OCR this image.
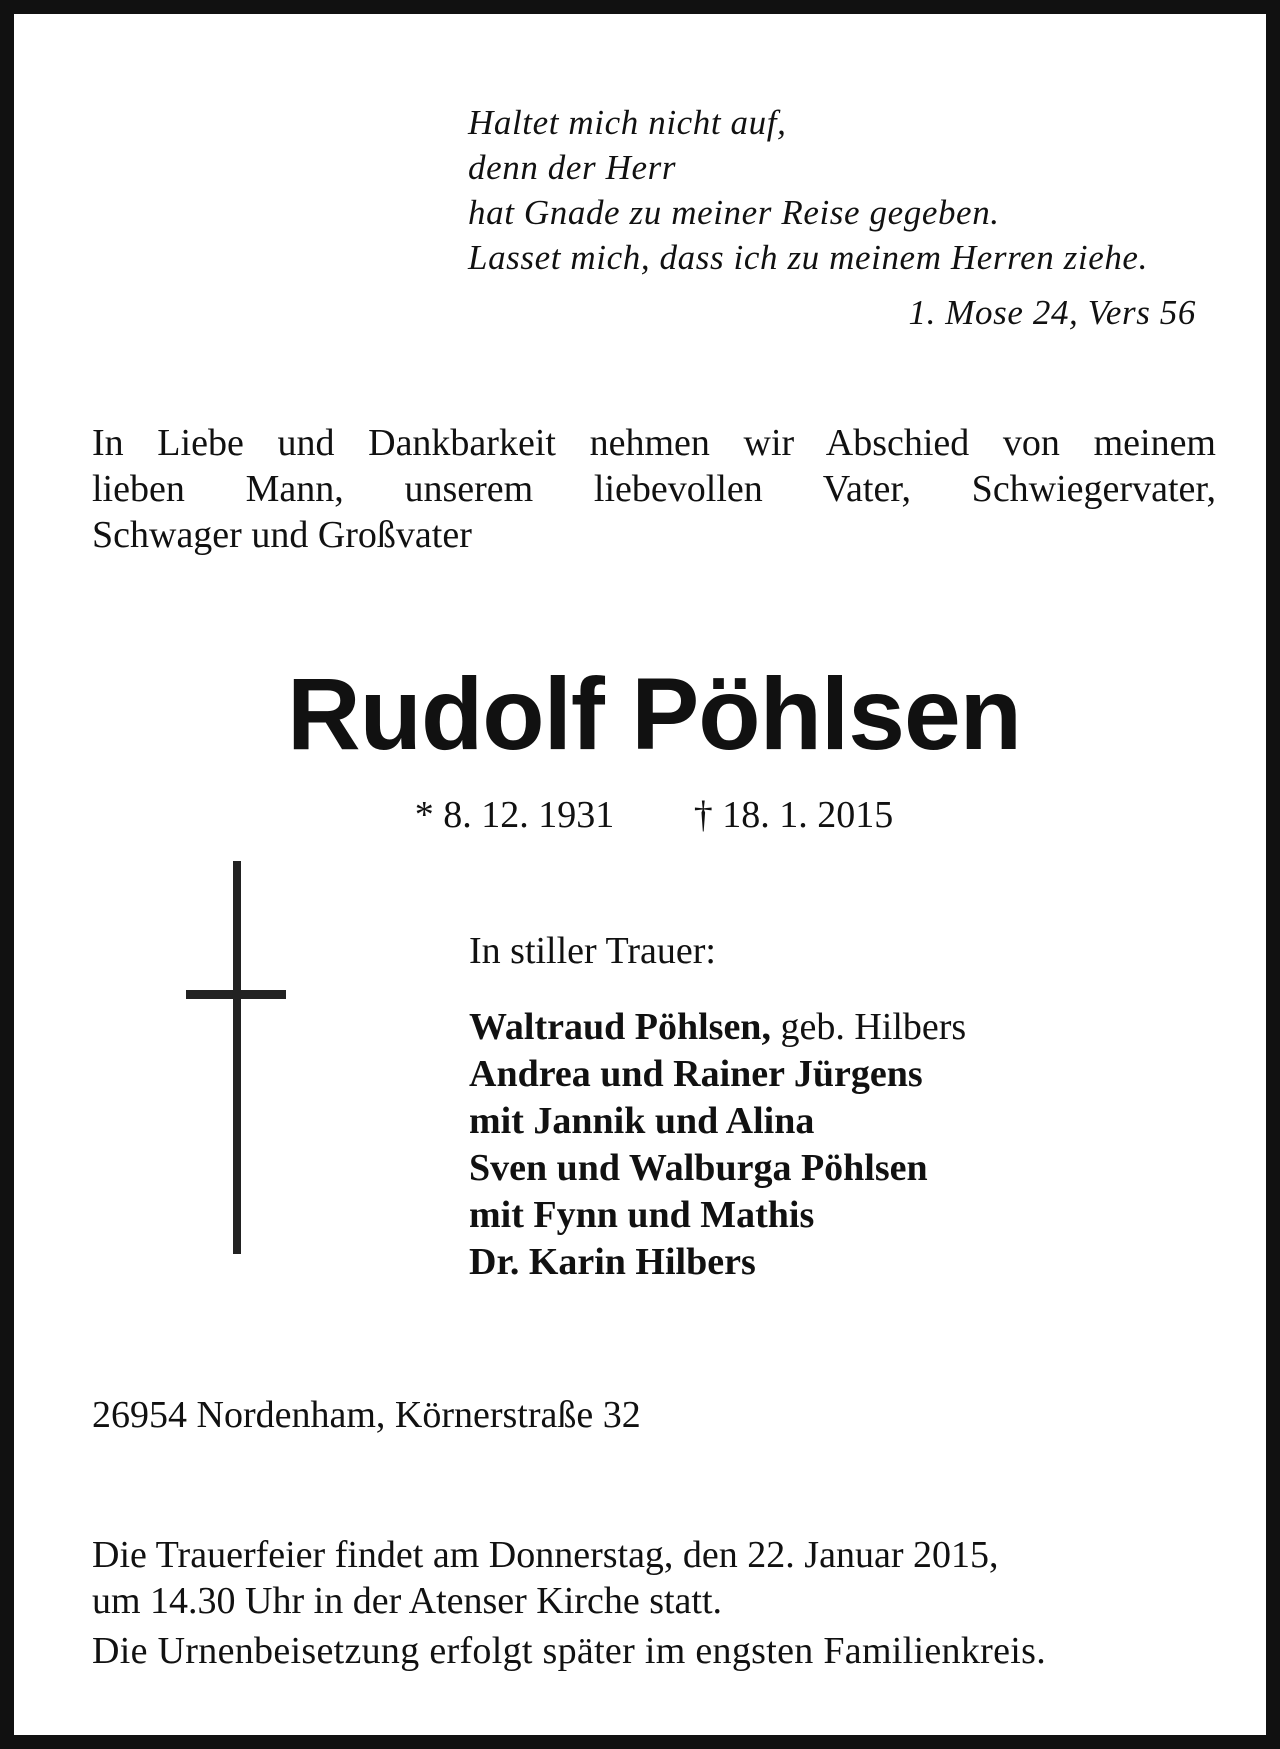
Haltet mich nicht auf,
denn der Herr
hat Gnade zu meiner Reise gegeben.
Lasset mich, dass ich zu meinem Herren ziehe.
1. Mose 24, Vers 56
In Liebe und Dankbarkeit nehmen wir Abschied von meinem
lieben Mann, unserem liebevollen Vater, Schwiegervater,
Schwager und Großvater
Rudolf Pöhlsen
* 8. 12. 1931 † 18. 1. 2015
In stiller Trauer:
Waltraud Pöhlsen, geb. Hilbers
Andrea und Rainer Jürgens
mit Jannik und Alina
Sven und Walburga Pöhlsen
mit Fynn und Mathis
Dr. Karin Hilbers
26954 Nordenham, Körnerstraße 32
Die Trauerfeier findet am Donnerstag, den 22. Januar 2015,
um 14.30 Uhr in der Atenser Kirche statt.
Die Urnenbeisetzung erfolgt später im engsten Familienkreis.
